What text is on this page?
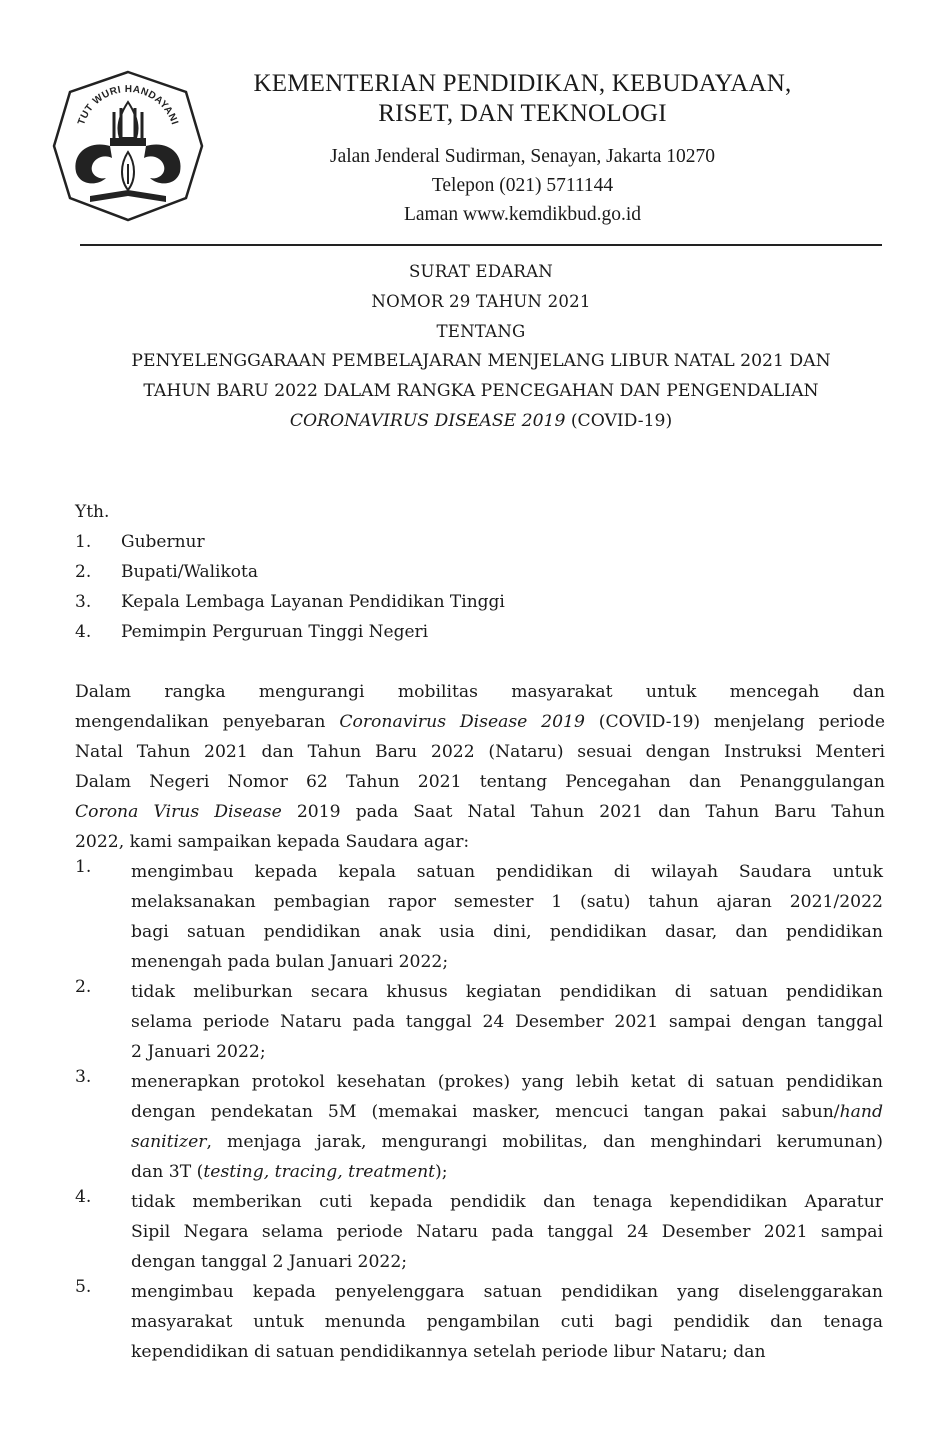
TUT WURI HANDAYANI
KEMENTERIAN PENDIDIKAN, KEBUDAYAAN,
RISET, DAN TEKNOLOGI
Jalan Jenderal Sudirman, Senayan, Jakarta 10270
Telepon (021) 5711144
Laman www.kemdikbud.go.id
SURAT EDARAN
NOMOR 29 TAHUN 2021
TENTANG
PENYELENGGARAAN PEMBELAJARAN MENJELANG LIBUR NATAL 2021 DAN
TAHUN BARU 2022 DALAM RANGKA PENCEGAHAN DAN PENGENDALIAN
CORONAVIRUS DISEASE 2019 (COVID-19)
Yth.
1.	Gubernur
2.	Bupati/Walikota
3.	Kepala Lembaga Layanan Pendidikan Tinggi
4.	Pemimpin Perguruan Tinggi Negeri
Dalam rangka mengurangi mobilitas masyarakat untuk mencegah dan
mengendalikan penyebaran Coronavirus Disease 2019 (COVID-19) menjelang periode
Natal Tahun 2021 dan Tahun Baru 2022 (Nataru) sesuai dengan Instruksi Menteri
Dalam Negeri Nomor 62 Tahun 2021 tentang Pencegahan dan Penanggulangan
Corona Virus Disease 2019 pada Saat Natal Tahun 2021 dan Tahun Baru Tahun
2022, kami sampaikan kepada Saudara agar:
1.	mengimbau kepada kepala satuan pendidikan di wilayah Saudara untuk
melaksanakan pembagian rapor semester 1 (satu) tahun ajaran 2021/2022
bagi satuan pendidikan anak usia dini, pendidikan dasar, dan pendidikan
menengah pada bulan Januari 2022;
2.	tidak meliburkan secara khusus kegiatan pendidikan di satuan pendidikan
selama periode Nataru pada tanggal 24 Desember 2021 sampai dengan tanggal
2 Januari 2022;
3.	menerapkan protokol kesehatan (prokes) yang lebih ketat di satuan pendidikan
dengan pendekatan 5M (memakai masker, mencuci tangan pakai sabun/hand
sanitizer, menjaga jarak, mengurangi mobilitas, dan menghindari kerumunan)
dan 3T (testing, tracing, treatment);
4.	tidak memberikan cuti kepada pendidik dan tenaga kependidikan Aparatur
Sipil Negara selama periode Nataru pada tanggal 24 Desember 2021 sampai
dengan tanggal 2 Januari 2022;
5.	mengimbau kepada penyelenggara satuan pendidikan yang diselenggarakan
masyarakat untuk menunda pengambilan cuti bagi pendidik dan tenaga
kependidikan di satuan pendidikannya setelah periode libur Nataru; dan
